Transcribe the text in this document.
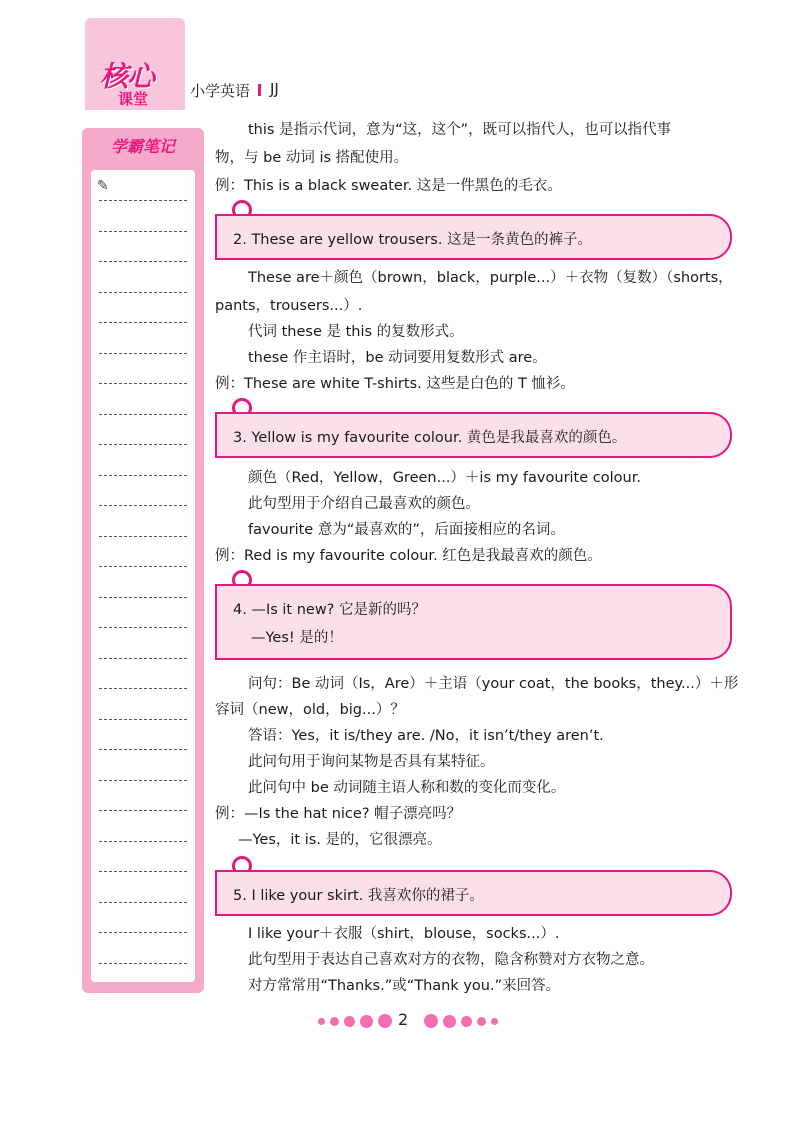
核心
课堂	小学英语 JJ
学霸笔记
✎
this 是指示代词，意为“这，这个”，既可以指代人，也可以指代事
物，与 be 动词 is 搭配使用。
例：This is a black sweater. 这是一件黑色的毛衣。
2. These are yellow trousers. 这是一条黄色的裤子。
These are＋颜色（brown，black，purple...）＋衣物（复数）（shorts，
pants，trousers...）.
代词 these 是 this 的复数形式。
these 作主语时，be 动词要用复数形式 are。
例：These are white T-shirts. 这些是白色的 T 恤衫。
3. Yellow is my favourite colour. 黄色是我最喜欢的颜色。
颜色（Red，Yellow，Green...）＋is my favourite colour.
此句型用于介绍自己最喜欢的颜色。
favourite 意为“最喜欢的”，后面接相应的名词。
例：Red is my favourite colour. 红色是我最喜欢的颜色。
4. —Is it new? 它是新的吗？
—Yes! 是的！
问句：Be 动词（Is，Are）＋主语（your coat，the books，they...）＋形
容词（new，old，big...）？
答语：Yes，it is/they are. /No，it isn’t/they aren’t.
此问句用于询问某物是否具有某特征。
此问句中 be 动词随主语人称和数的变化而变化。
例：—Is the hat nice? 帽子漂亮吗？
—Yes，it is. 是的，它很漂亮。
5. I like your skirt. 我喜欢你的裙子。
I like your＋衣服（shirt，blouse，socks...）.
此句型用于表达自己喜欢对方的衣物，隐含称赞对方衣物之意。
对方常常用“Thanks.”或“Thank you.”来回答。
2
